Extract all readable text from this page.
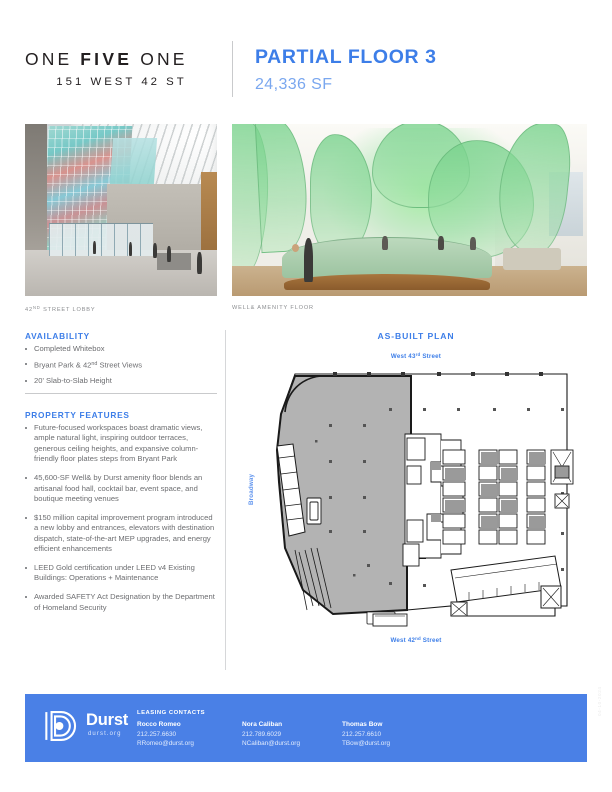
ONE FIVE ONE
151 WEST 42 ST
PARTIAL FLOOR 3
24,336 SF
42ND STREET LOBBY	WELL& AMENITY FLOOR
AVAILABILITY
Completed Whitebox
Bryant Park & 42nd Street Views
20' Slab-to-Slab Height
PROPERTY FEATURES
Future-focused workspaces boast dramatic views, ample natural light, inspiring outdoor terraces, generous ceiling heights, and expansive column-friendly floor plates steps from Bryant Park
45,600-SF Well& by Durst amenity floor blends an artisanal food hall, cocktail bar, event space, and boutique meeting venues
$150 million capital improvement program introduced a new lobby and entrances, elevators with destination dispatch, state-of-the-art MEP upgrades, and energy efficient enhancements
LEED Gold certification under LEED v4 Existing Buildings: Operations + Maintenance
Awarded SAFETY Act Designation by the Department of Homeland Security
AS-BUILT PLAN
West 43rd Street
West 42nd Street
Broadway
Durst
durst.org
LEASING CONTACTS
Rocco Romeo
212.257.6630
RRomeo@durst.org
Nora Caliban
212.789.6029
NCaliban@durst.org
Thomas Bow
212.257.6610
TBow@durst.org
04-10-2024
